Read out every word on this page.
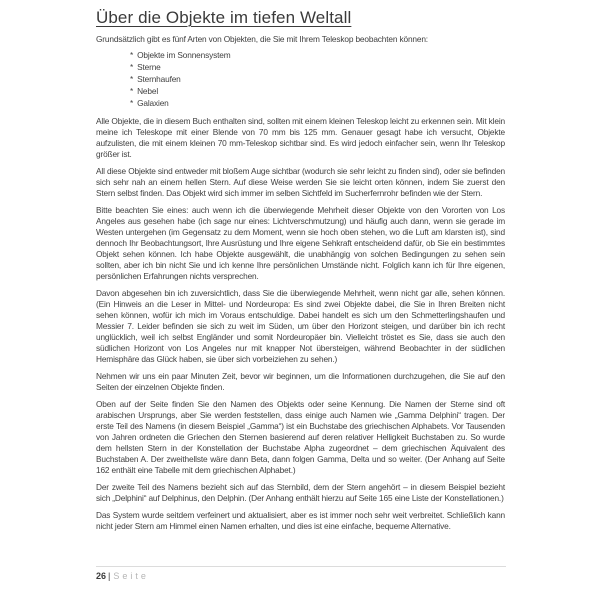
Über die Objekte im tiefen Weltall

Grundsätzlich gibt es fünf Arten von Objekten, die Sie mit Ihrem Teleskop beobachten können:

* Objekte im Sonnensystem
* Sterne
* Sternhaufen
* Nebel
* Galaxien

Alle Objekte, die in diesem Buch enthalten sind, sollten mit einem kleinen Teleskop leicht zu erkennen sein. Mit klein meine ich Teleskope mit einer Blende von 70 mm bis 125 mm. Genauer gesagt habe ich versucht, Objekte aufzulisten, die mit einem kleinen 70 mm-Teleskop sichtbar sind. Es wird jedoch einfacher sein, wenn Ihr Teleskop größer ist.

All diese Objekte sind entweder mit bloßem Auge sichtbar (wodurch sie sehr leicht zu finden sind), oder sie befinden sich sehr nah an einem hellen Stern. Auf diese Weise werden Sie sie leicht orten können, indem Sie zuerst den Stern selbst finden. Das Objekt wird sich immer im selben Sichtfeld im Sucherfernrohr befinden wie der Stern.

Bitte beachten Sie eines: auch wenn ich die überwiegende Mehrheit dieser Objekte von den Vororten von Los Angeles aus gesehen habe (ich sage nur eines: Lichtverschmutzung) und häufig auch dann, wenn sie gerade im Westen untergehen (im Gegensatz zu dem Moment, wenn sie hoch oben stehen, wo die Luft am klarsten ist), sind dennoch Ihr Beobachtungsort, Ihre Ausrüstung und Ihre eigene Sehkraft entscheidend dafür, ob Sie ein bestimmtes Objekt sehen können. Ich habe Objekte ausgewählt, die unabhängig von solchen Bedingungen zu sehen sein sollten, aber ich bin nicht Sie und ich kenne Ihre persönlichen Umstände nicht. Folglich kann ich für Ihre eigenen, persönlichen Erfahrungen nichts versprechen.

Davon abgesehen bin ich zuversichtlich, dass Sie die überwiegende Mehrheit, wenn nicht gar alle, sehen können. (Ein Hinweis an die Leser in Mittel- und Nordeuropa: Es sind zwei Objekte dabei, die Sie in Ihren Breiten nicht sehen können, wofür ich mich im Voraus entschuldige. Dabei handelt es sich um den Schmetterlingshaufen und Messier 7. Leider befinden sie sich zu weit im Süden, um über den Horizont steigen, und darüber bin ich recht unglücklich, weil ich selbst Engländer und somit Nordeuropäer bin. Vielleicht tröstet es Sie, dass sie auch den südlichen Horizont von Los Angeles nur mit knapper Not übersteigen, während Beobachter in der südlichen Hemisphäre das Glück haben, sie über sich vorbeiziehen zu sehen.)

Nehmen wir uns ein paar Minuten Zeit, bevor wir beginnen, um die Informationen durchzugehen, die Sie auf den Seiten der einzelnen Objekte finden.

Oben auf der Seite finden Sie den Namen des Objekts oder seine Kennung. Die Namen der Sterne sind oft arabischen Ursprungs, aber Sie werden feststellen, dass einige auch Namen wie „Gamma Delphini“ tragen. Der erste Teil des Namens (in diesem Beispiel „Gamma“) ist ein Buchstabe des griechischen Alphabets. Vor Tausenden von Jahren ordneten die Griechen den Sternen basierend auf deren relativer Helligkeit Buchstaben zu. So wurde dem hellsten Stern in der Konstellation der Buchstabe Alpha zugeordnet – dem griechischen Äquivalent des Buchstaben A. Der zweithellste wäre dann Beta, dann folgen Gamma, Delta und so weiter. (Der Anhang auf Seite 162 enthält eine Tabelle mit dem griechischen Alphabet.)

Der zweite Teil des Namens bezieht sich auf das Sternbild, dem der Stern angehört – in diesem Beispiel bezieht sich „Delphini“ auf Delphinus, den Delphin. (Der Anhang enthält hierzu auf Seite 165 eine Liste der Konstellationen.)

Das System wurde seitdem verfeinert und aktualisiert, aber es ist immer noch sehr weit verbreitet. Schließlich kann nicht jeder Stern am Himmel einen Namen erhalten, und dies ist eine einfache, bequeme Alternative.

26 | Seite
